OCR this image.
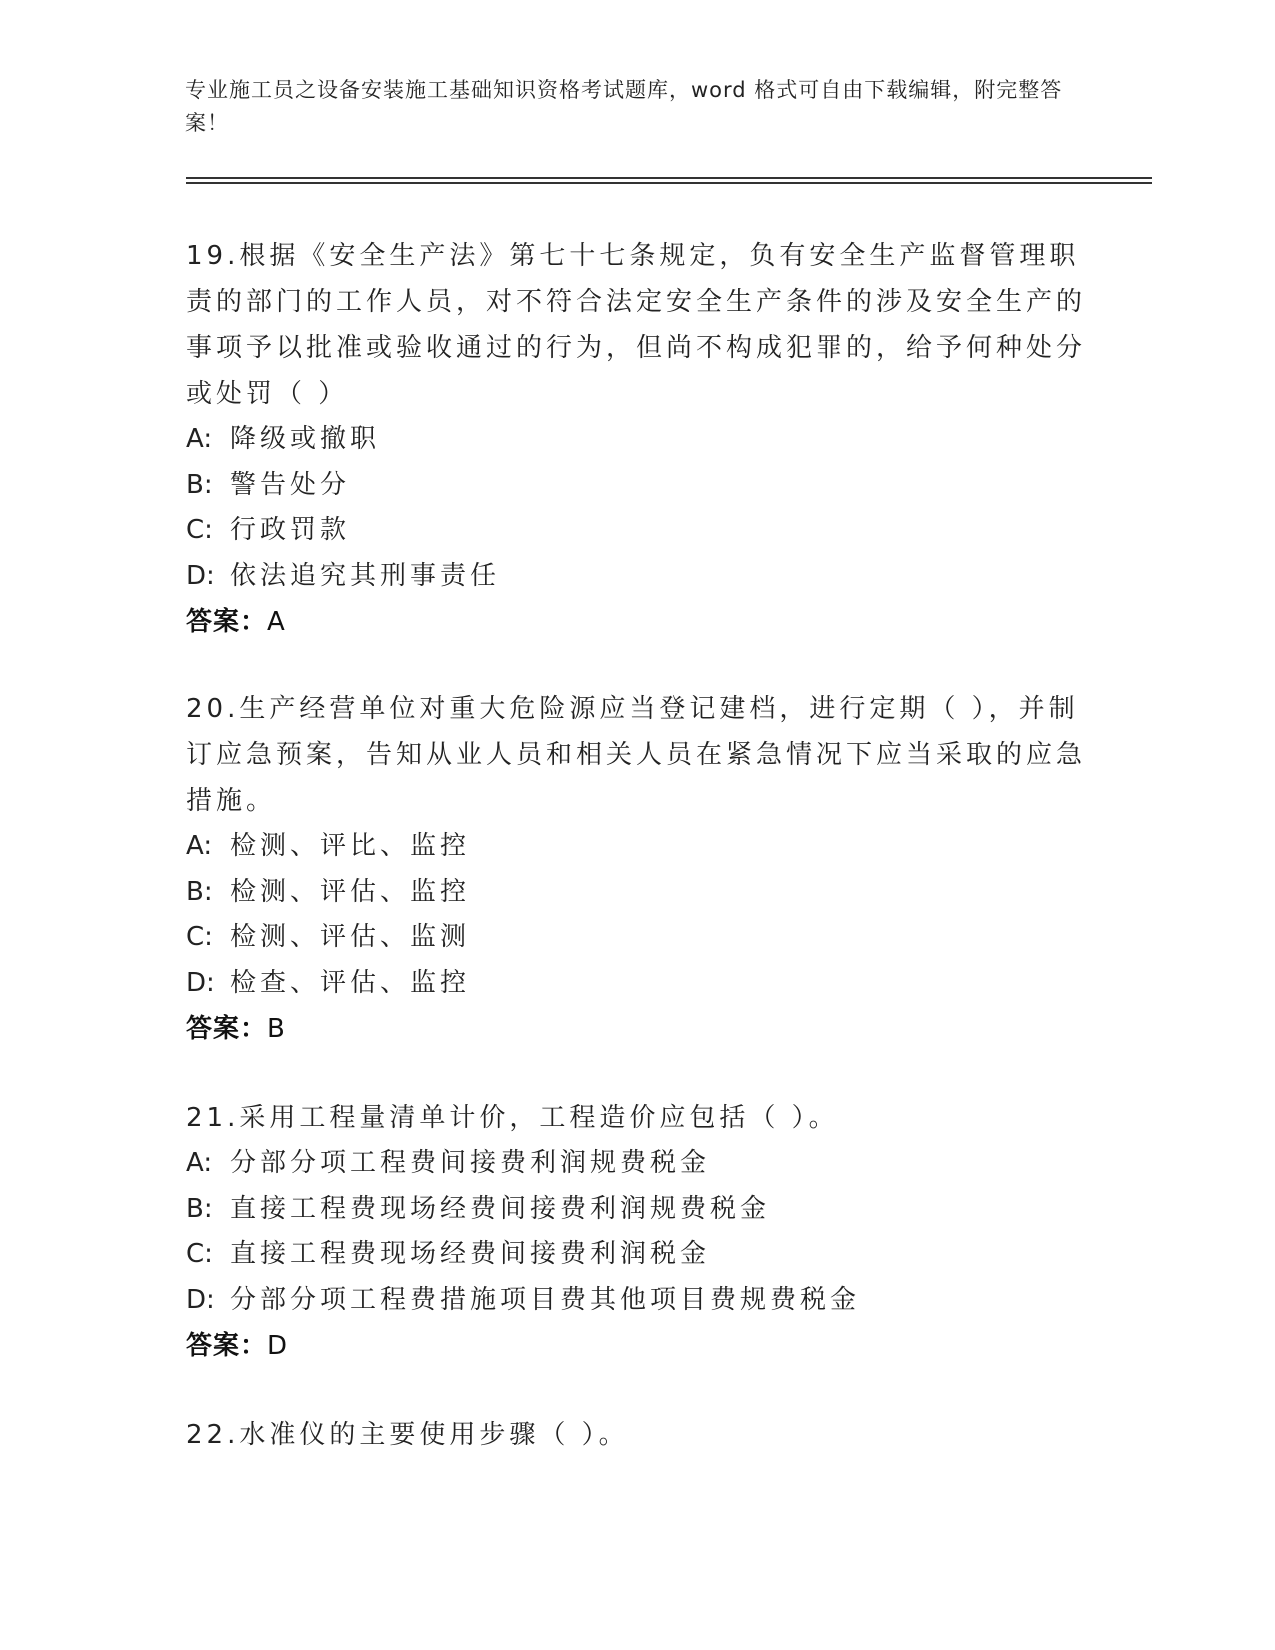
专业施工员之设备安装施工基础知识资格考试题库，word 格式可自由下载编辑，附完整答案！
19.根据《安全生产法》第七十七条规定，负有安全生产监督管理职责的部门的工作人员，对不符合法定安全生产条件的涉及安全生产的事项予以批准或验收通过的行为，但尚不构成犯罪的，给予何种处分或处罚（ ）
A: 降级或撤职
B: 警告处分
C: 行政罚款
D: 依法追究其刑事责任
答案：A
20.生产经营单位对重大危险源应当登记建档，进行定期（ ），并制订应急预案，告知从业人员和相关人员在紧急情况下应当采取的应急措施。
A: 检测、评比、监控
B: 检测、评估、监控
C: 检测、评估、监测
D: 检查、评估、监控
答案：B
21.采用工程量清单计价，工程造价应包括（ ）。
A: 分部分项工程费间接费利润规费税金
B: 直接工程费现场经费间接费利润规费税金
C: 直接工程费现场经费间接费利润税金
D: 分部分项工程费措施项目费其他项目费规费税金
答案：D
22.水准仪的主要使用步骤（ ）。
